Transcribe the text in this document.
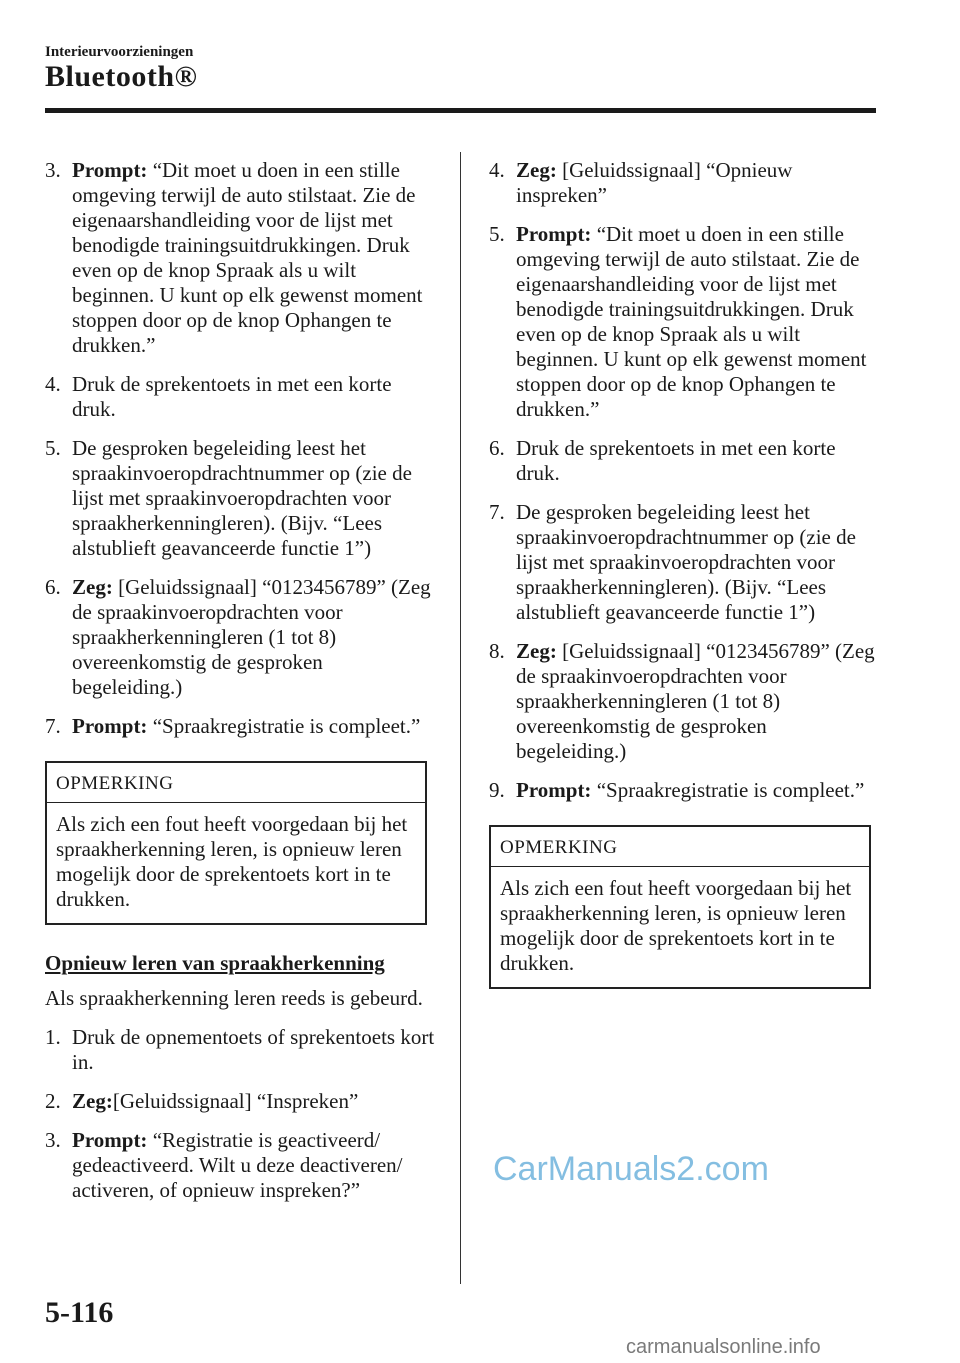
Interieurvoorzieningen
Bluetooth®
3. Prompt: “Dit moet u doen in een stille omgeving terwijl de auto stilstaat. Zie de eigenaarshandleiding voor de lijst met benodigde trainingsuitdrukkingen. Druk even op de knop Spraak als u wilt beginnen. U kunt op elk gewenst moment stoppen door op de knop Ophangen te drukken.”
4. Druk de sprekentoets in met een korte druk.
5. De gesproken begeleiding leest het spraakinvoeropdrachtnummer op (zie de lijst met spraakinvoeropdrachten voor spraakherkenningleren). (Bijv. “Lees alstublieft geavanceerde functie 1”)
6. Zeg: [Geluidssignaal] “0123456789” (Zeg de spraakinvoeropdrachten voor spraakherkenningleren (1 tot 8) overeenkomstig de gesproken begeleiding.)
7. Prompt: “Spraakregistratie is compleet.”
OPMERKING
Als zich een fout heeft voorgedaan bij het spraakherkenning leren, is opnieuw leren mogelijk door de sprekentoets kort in te drukken.
Opnieuw leren van spraakherkenning
Als spraakherkenning leren reeds is gebeurd.
1. Druk de opnementoets of sprekentoets kort in.
2. Zeg:[Geluidssignaal] “Inspreken”
3. Prompt: “Registratie is geactiveerd/ gedeactiveerd. Wilt u deze deactiveren/ activeren, of opnieuw inspreken?”
4. Zeg: [Geluidssignaal] “Opnieuw inspreken”
5. Prompt: “Dit moet u doen in een stille omgeving terwijl de auto stilstaat. Zie de eigenaarshandleiding voor de lijst met benodigde trainingsuitdrukkingen. Druk even op de knop Spraak als u wilt beginnen. U kunt op elk gewenst moment stoppen door op de knop Ophangen te drukken.”
6. Druk de sprekentoets in met een korte druk.
7. De gesproken begeleiding leest het spraakinvoeropdrachtnummer op (zie de lijst met spraakinvoeropdrachten voor spraakherkenningleren). (Bijv. “Lees alstublieft geavanceerde functie 1”)
8. Zeg: [Geluidssignaal] “0123456789” (Zeg de spraakinvoeropdrachten voor spraakherkenningleren (1 tot 8) overeenkomstig de gesproken begeleiding.)
9. Prompt: “Spraakregistratie is compleet.”
OPMERKING
Als zich een fout heeft voorgedaan bij het spraakherkenning leren, is opnieuw leren mogelijk door de sprekentoets kort in te drukken.
5-116
CarManuals2.com
carmanualsonline.info
